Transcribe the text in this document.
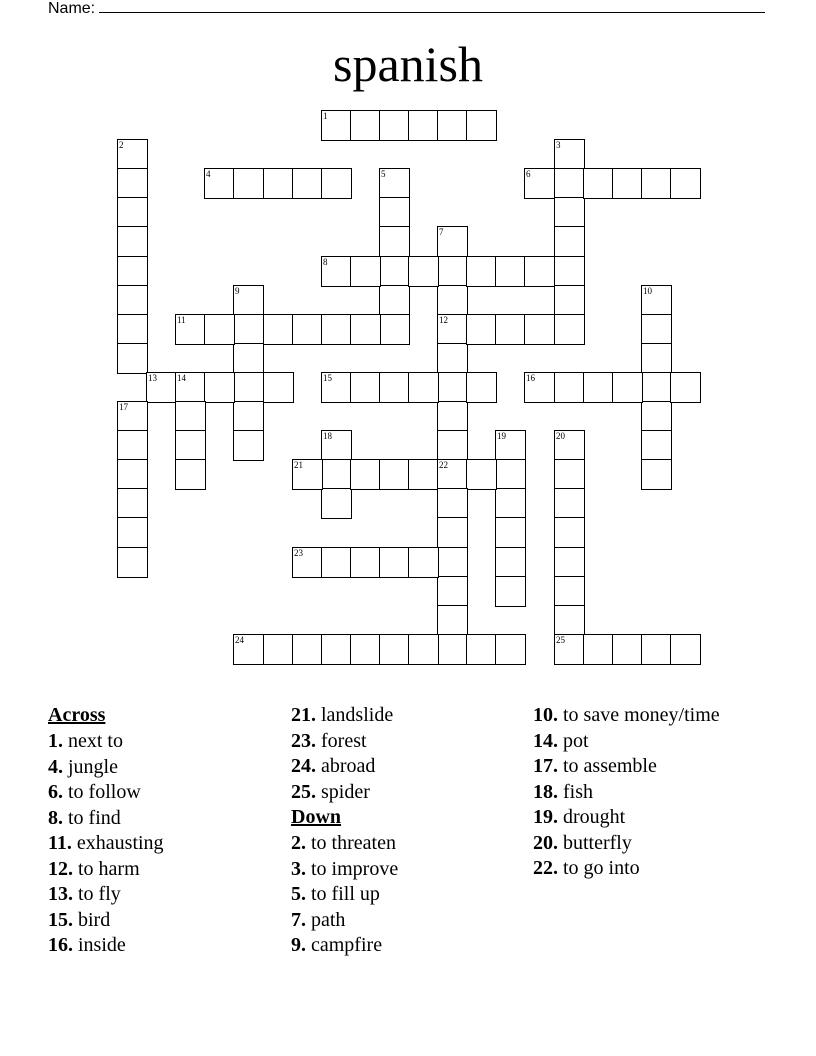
Name:
spanish
1
2	3
4	5	6
7
12
8
9	10
11
13 14	15	16
17
18	19	20
21	22
23
24	25
Across
1. next to
4. jungle
6. to follow
8. to find
11. exhausting
12. to harm
13. to fly
15. bird
16. inside
21. landslide
23. forest
24. abroad
25. spider
Down
2. to threaten
3. to improve
5. to fill up
7. path
9. campfire
10. to save money/time
14. pot
17. to assemble
18. fish
19. drought
20. butterfly
22. to go into
